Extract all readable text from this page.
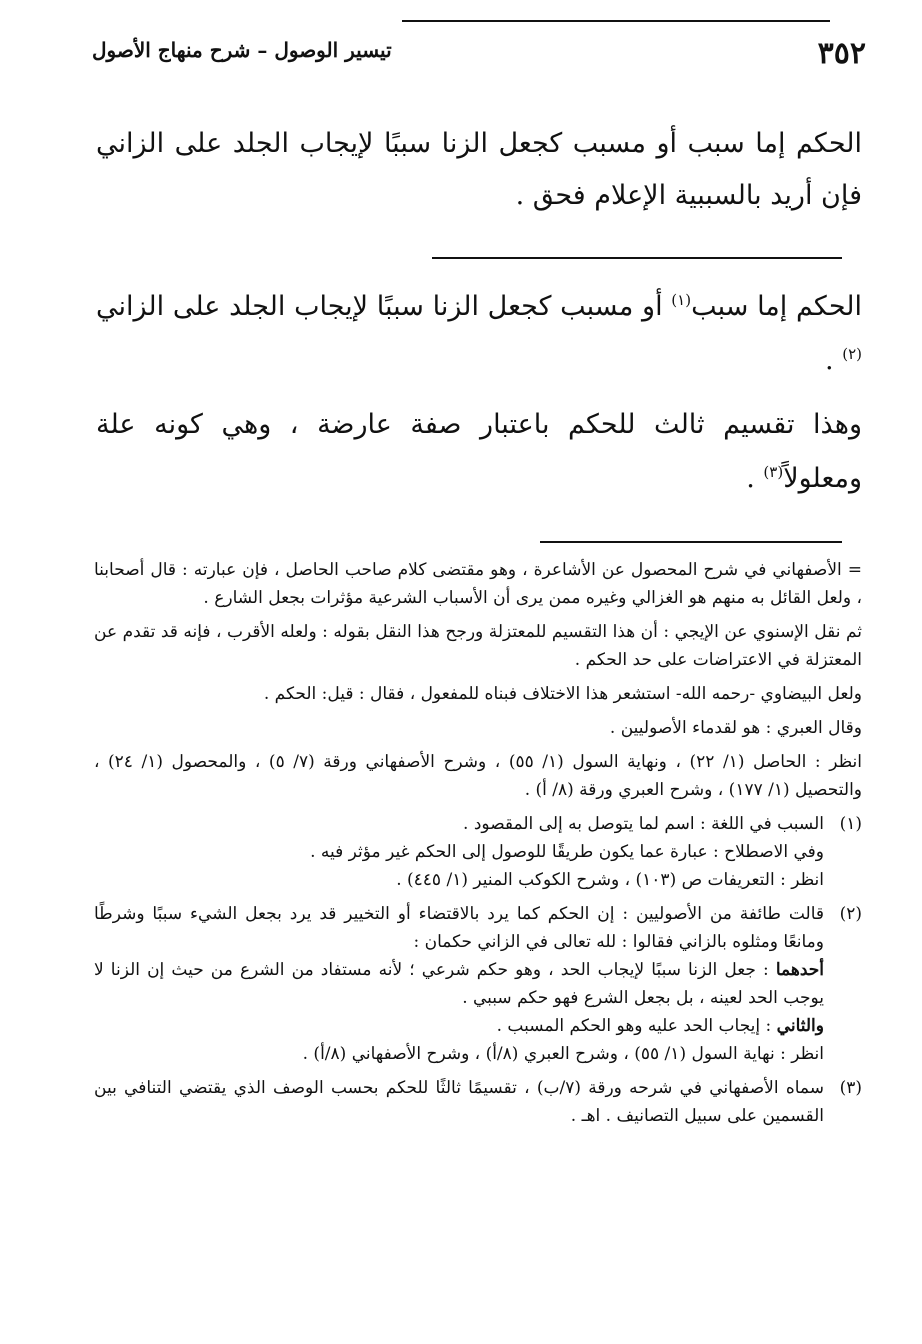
٣٥٢
تيسير الوصول – شرح منهاج الأصول

الحكم إما سبب أو مسبب كجعل الزنا سببًا لإيجاب الجلد على الزاني فإن أريد بالسببية الإعلام فحق .

الحكم إما سبب$^{(١)}$ أو مسبب كجعل الزنا سببًا لإيجاب الجلد على الزاني $^{(٢)}$ .

وهذا تقسيم ثالث للحكم باعتبار صفة عارضة ، وهي كونه علة ومعلولاً$^{(٣)}$ .

= الأصفهاني في شرح المحصول عن الأشاعرة ، وهو مقتضى كلام صاحب الحاصل ، فإن عبارته : قال أصحابنا ، ولعل القائل به منهم هو الغزالي وغيره ممن يرى أن الأسباب الشرعية مؤثرات بجعل الشارع .

ثم نقل الإسنوي عن الإيجي : أن هذا التقسيم للمعتزلة ورجح هذا النقل بقوله : ولعله الأقرب ، فإنه قد تقدم عن المعتزلة في الاعتراضات على حد الحكم .

ولعل البيضاوي -رحمه الله- استشعر هذا الاختلاف فبناه للمفعول ، فقال : قيل: الحكم .

وقال العبري : هو لقدماء الأصوليين .

انظر : الحاصل (١/ ٢٢) ، ونهاية السول (١/ ٥٥) ، وشرح الأصفهاني ورقة (٧/ ٥) ، والمحصول (١/ ٢٤) ، والتحصيل (١/ ١٧٧) ، وشرح العبري ورقة (٨/ أ) .

(١)
السبب في اللغة : اسم لما يتوصل به إلى المقصود .
وفي الاصطلاح : عبارة عما يكون طريقًا للوصول إلى الحكم غير مؤثر فيه .
انظر : التعريفات ص (١٠٣) ، وشرح الكوكب المنير (١/ ٤٤٥) .
(٢)
قالت طائفة من الأصوليين : إن الحكم كما يرد بالاقتضاء أو التخيير قد يرد بجعل الشيء سببًا وشرطًا ومانعًا ومثلوه بالزاني فقالوا : لله تعالى في الزاني حكمان :
أحدهما : جعل الزنا سببًا لإيجاب الحد ، وهو حكم شرعي ؛ لأنه مستفاد من الشرع من حيث إن الزنا لا يوجب الحد لعينه ، بل بجعل الشرع فهو حكم سببي .
والثاني : إيجاب الحد عليه وهو الحكم المسبب .
انظر : نهاية السول (١/ ٥٥) ، وشرح العبري (٨/أ) ، وشرح الأصفهاني (٨/أ) .
(٣)
سماه الأصفهاني في شرحه ورقة (٧/ب) ، تقسيمًا ثالثًا للحكم بحسب الوصف الذي يقتضي التنافي بين القسمين على سبيل التصانيف . اهـ .
